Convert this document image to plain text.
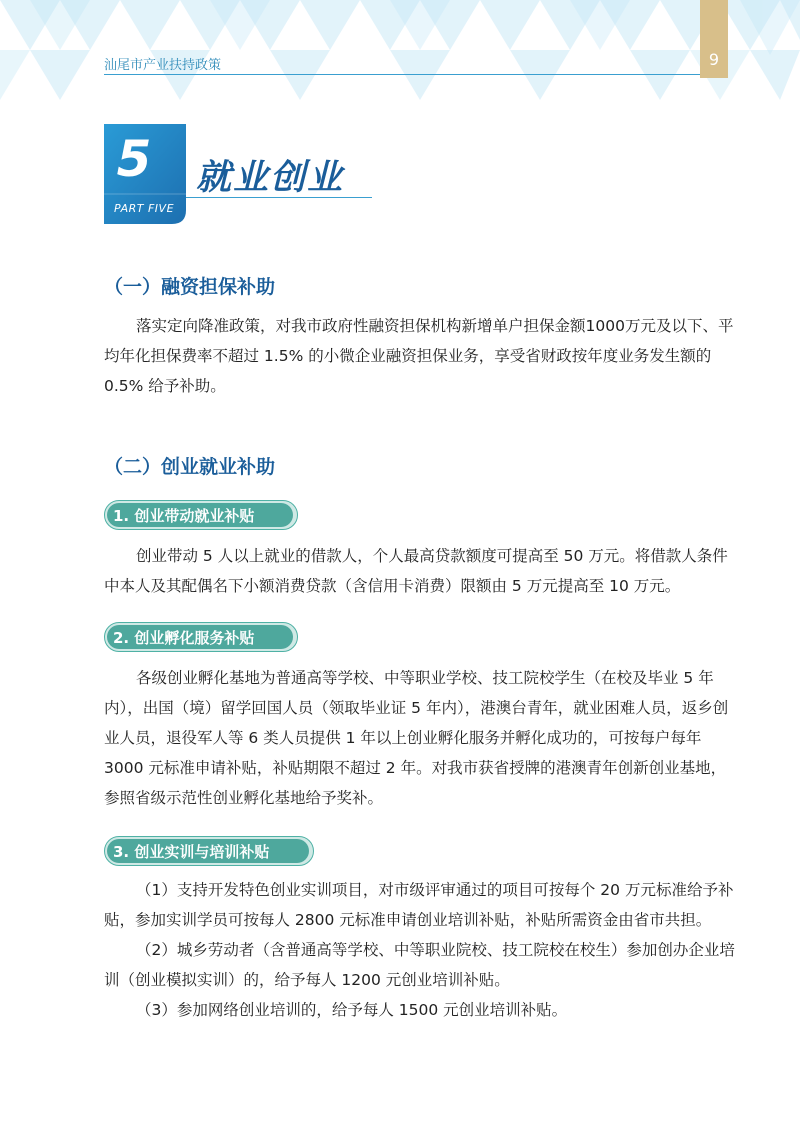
汕尾市产业扶持政策	9
5
PART FIVE
就业创业
（一）融资担保补助

落实定向降准政策，对我市政府性融资担保机构新增单户担保金额1000万元及以下、平均年化担保费率不超过 1.5% 的小微企业融资担保业务，享受省财政按年度业务发生额的 0.5% 给予补助。

（二）创业就业补助
1. 创业带动就业补贴

创业带动 5 人以上就业的借款人，个人最高贷款额度可提高至 50 万元。将借款人条件中本人及其配偶名下小额消费贷款（含信用卡消费）限额由 5 万元提高至 10 万元。

2. 创业孵化服务补贴

各级创业孵化基地为普通高等学校、中等职业学校、技工院校学生（在校及毕业 5 年内），出国（境）留学回国人员（领取毕业证 5 年内），港澳台青年，就业困难人员，返乡创业人员，退役军人等 6 类人员提供 1 年以上创业孵化服务并孵化成功的，可按每户每年 3000 元标准申请补贴，补贴期限不超过 2 年。对我市获省授牌的港澳青年创新创业基地，参照省级示范性创业孵化基地给予奖补。

3. 创业实训与培训补贴

（1）支持开发特色创业实训项目，对市级评审通过的项目可按每个 20 万元标准给予补贴，参加实训学员可按每人 2800 元标准申请创业培训补贴，补贴所需资金由省市共担。

（2）城乡劳动者（含普通高等学校、中等职业院校、技工院校在校生）参加创办企业培训（创业模拟实训）的，给予每人 1200 元创业培训补贴。

（3）参加网络创业培训的，给予每人 1500 元创业培训补贴。
